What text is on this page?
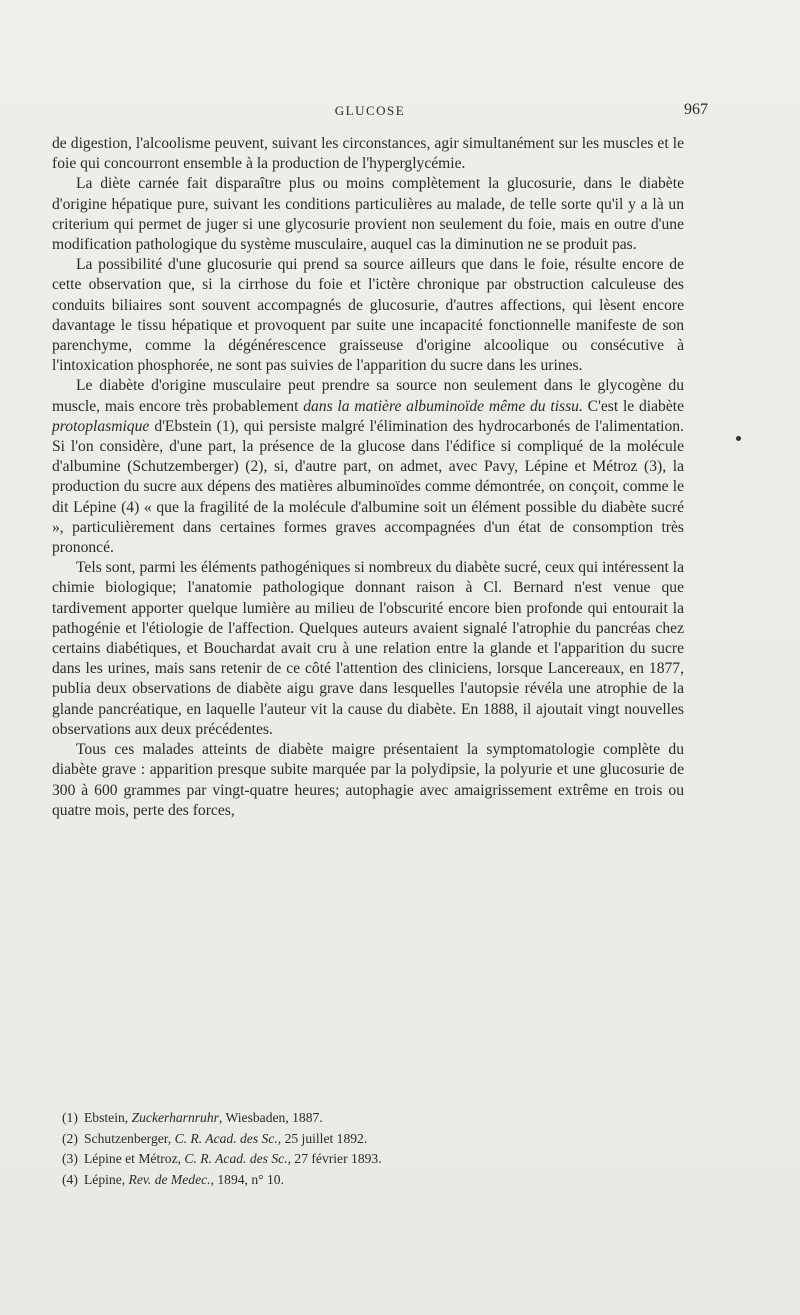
GLUCOSE	967

de digestion, l'alcoolisme peuvent, suivant les circonstances, agir simultanément sur les muscles et le foie qui concourront ensemble à la production de l'hyperglycémie.

La diète carnée fait disparaître plus ou moins complètement la glucosurie, dans le diabète d'origine hépatique pure, suivant les conditions particulières au malade, de telle sorte qu'il y a là un criterium qui permet de juger si une glycosurie provient non seulement du foie, mais en outre d'une modification pathologique du système musculaire, auquel cas la diminution ne se produit pas.

La possibilité d'une glucosurie qui prend sa source ailleurs que dans le foie, résulte encore de cette observation que, si la cirrhose du foie et l'ictère chronique par obstruction calculeuse des conduits biliaires sont souvent accompagnés de glucosurie, d'autres affections, qui lèsent encore davantage le tissu hépatique et provoquent par suite une incapacité fonctionnelle manifeste de son parenchyme, comme la dégénérescence graisseuse d'origine alcoolique ou consécutive à l'intoxication phosphorée, ne sont pas suivies de l'apparition du sucre dans les urines.

Le diabète d'origine musculaire peut prendre sa source non seulement dans le glycogène du muscle, mais encore très probablement dans la matière albuminoïde même du tissu. C'est le diabète protoplasmique d'Ebstein (1), qui persiste malgré l'élimination des hydrocarbonés de l'alimentation. Si l'on considère, d'une part, la présence de la glucose dans l'édifice si compliqué de la molécule d'albumine (Schutzemberger) (2), si, d'autre part, on admet, avec Pavy, Lépine et Métroz (3), la production du sucre aux dépens des matières albuminoïdes comme démontrée, on conçoit, comme le dit Lépine (4) « que la fragilité de la molécule d'albumine soit un élément possible du diabète sucré », particulièrement dans certaines formes graves accompagnées d'un état de consomption très prononcé.

Tels sont, parmi les éléments pathogéniques si nombreux du diabète sucré, ceux qui intéressent la chimie biologique; l'anatomie pathologique donnant raison à Cl. Bernard n'est venue que tardivement apporter quelque lumière au milieu de l'obscurité encore bien profonde qui entourait la pathogénie et l'étiologie de l'affection. Quelques auteurs avaient signalé l'atrophie du pancréas chez certains diabétiques, et Bouchardat avait cru à une relation entre la glande et l'apparition du sucre dans les urines, mais sans retenir de ce côté l'attention des cliniciens, lorsque Lancereaux, en 1877, publia deux observations de diabète aigu grave dans lesquelles l'autopsie révéla une atrophie de la glande pancréatique, en laquelle l'auteur vit la cause du diabète. En 1888, il ajoutait vingt nouvelles observations aux deux précédentes.

Tous ces malades atteints de diabète maigre présentaient la symptomatologie complète du diabète grave : apparition presque subite marquée par la polydipsie, la polyurie et une glucosurie de 300 à 600 grammes par vingt-quatre heures; autophagie avec amaigrissement extrême en trois ou quatre mois, perte des forces,

(1) Ebstein, Zuckerharnruhr, Wiesbaden, 1887.
(2) Schutzenberger, C. R. Acad. des Sc., 25 juillet 1892.
(3) Lépine et Métroz, C. R. Acad. des Sc., 27 février 1893.
(4) Lépine, Rev. de Medec., 1894, n° 10.
